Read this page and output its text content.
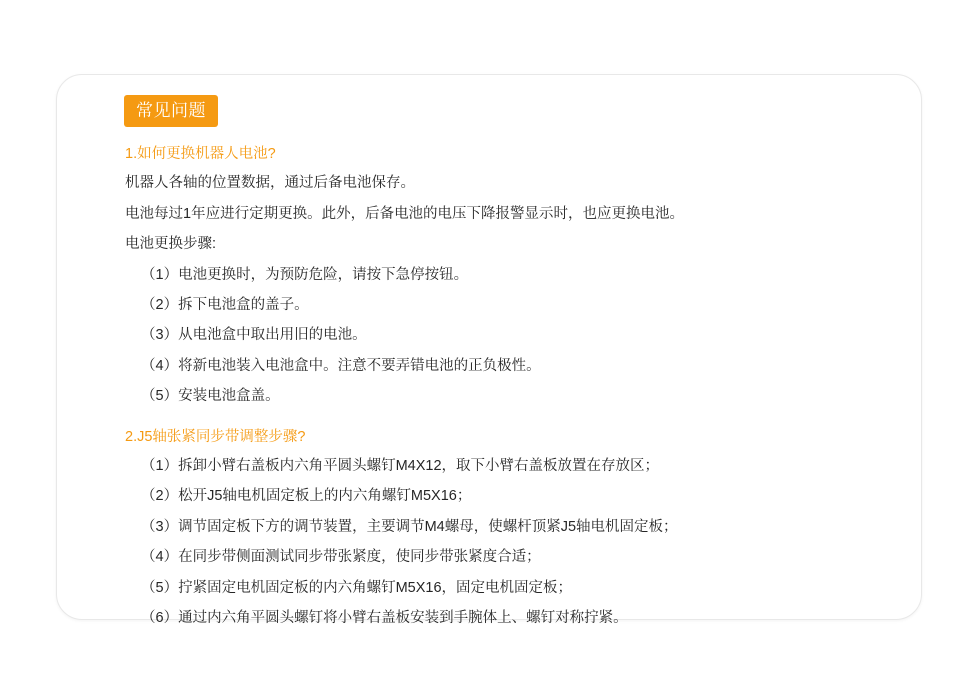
常见问题
1.如何更换机器人电池?

机器人各轴的位置数据，通过后备电池保存。

电池每过1年应进行定期更换。此外，后备电池的电压下降报警显示时，也应更换电池。

电池更换步骤:

（1）电池更换时，为预防危险，请按下急停按钮。
（2）拆下电池盒的盖子。
（3）从电池盒中取出用旧的电池。
（4）将新电池装入电池盒中。注意不要弄错电池的正负极性。
（5）安装电池盒盖。
2.J5轴张紧同步带调整步骤?
（1）拆卸小臂右盖板内六角平圆头螺钉M4X12，取下小臂右盖板放置在存放区；
（2）松开J5轴电机固定板上的内六角螺钉M5X16；
（3）调节固定板下方的调节装置，主要调节M4螺母，使螺杆顶紧J5轴电机固定板；
（4）在同步带侧面测试同步带张紧度，使同步带张紧度合适；
（5）拧紧固定电机固定板的内六角螺钉M5X16，固定电机固定板；
（6）通过内六角平圆头螺钉将小臂右盖板安装到手腕体上、螺钉对称拧紧。
